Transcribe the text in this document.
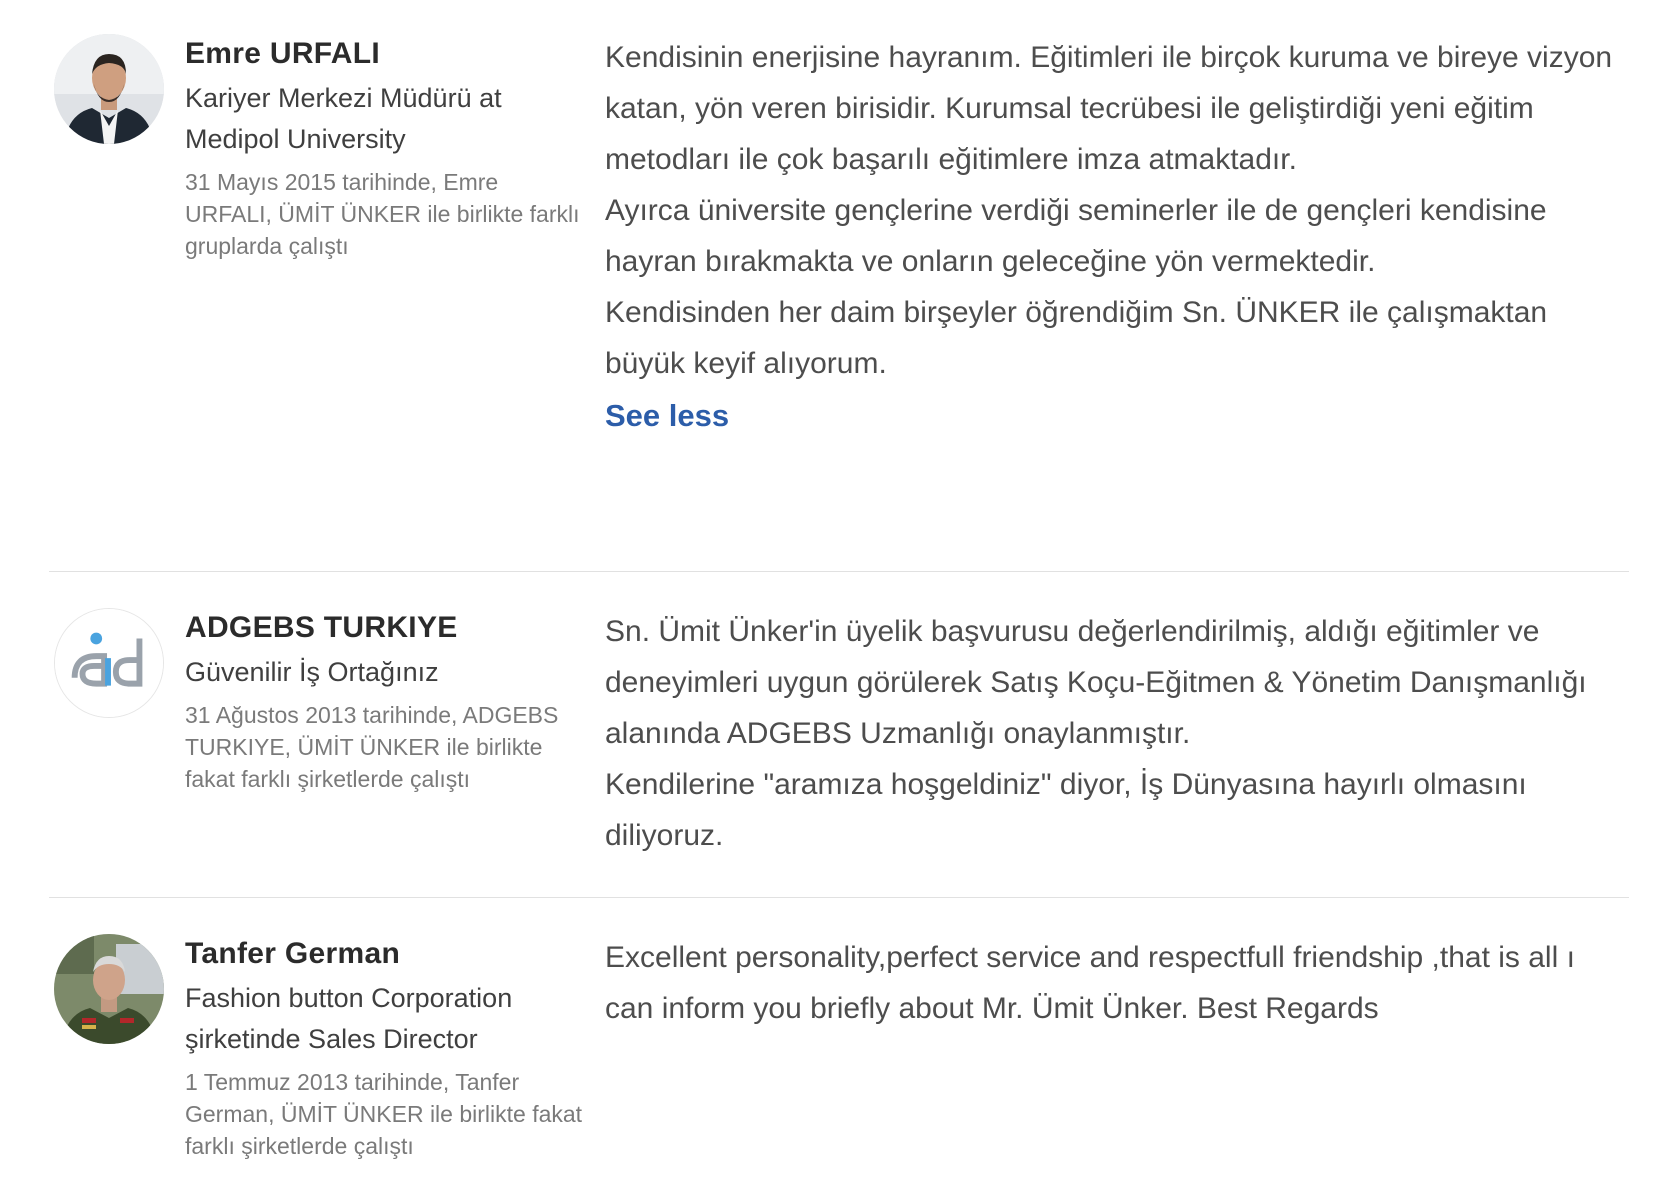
Emre URFALI
Kariyer Merkezi Müdürü at Medipol University
31 Mayıs 2015 tarihinde, Emre URFALI, ÜMİT ÜNKER ile birlikte farklı gruplarda çalıştı

Kendisinin enerjisine hayranım. Eğitimleri ile birçok kuruma ve bireye vizyon katan, yön veren birisidir. Kurumsal tecrübesi ile geliştirdiği yeni eğitim metodları ile çok başarılı eğitimlere imza atmaktadır.

Ayırca üniversite gençlerine verdiği seminerler ile de gençleri kendisine hayran bırakmakta ve onların geleceğine yön vermektedir.

Kendisinden her daim birşeyler öğrendiğim Sn. ÜNKER ile çalışmaktan büyük keyif alıyorum.

See less
ADGEBS TURKIYE
Güvenilir İş Ortağınız
31 Ağustos 2013 tarihinde, ADGEBS TURKIYE, ÜMİT ÜNKER ile birlikte fakat farklı şirketlerde çalıştı

Sn. Ümit Ünker'in üyelik başvurusu değerlendirilmiş, aldığı eğitimler ve deneyimleri uygun görülerek Satış Koçu-Eğitmen & Yönetim Danışmanlığı alanında ADGEBS Uzmanlığı onaylanmıştır.

Kendilerine "aramıza hoşgeldiniz" diyor, İş Dünyasına hayırlı olmasını diliyoruz.

Tanfer German
Fashion button Corporation şirketinde Sales Director
1 Temmuz 2013 tarihinde, Tanfer German, ÜMİT ÜNKER ile birlikte fakat farklı şirketlerde çalıştı

Excellent personality,perfect service and respectfull friendship ,that is all ı can inform you briefly about Mr. Ümit Ünker. Best Regards
